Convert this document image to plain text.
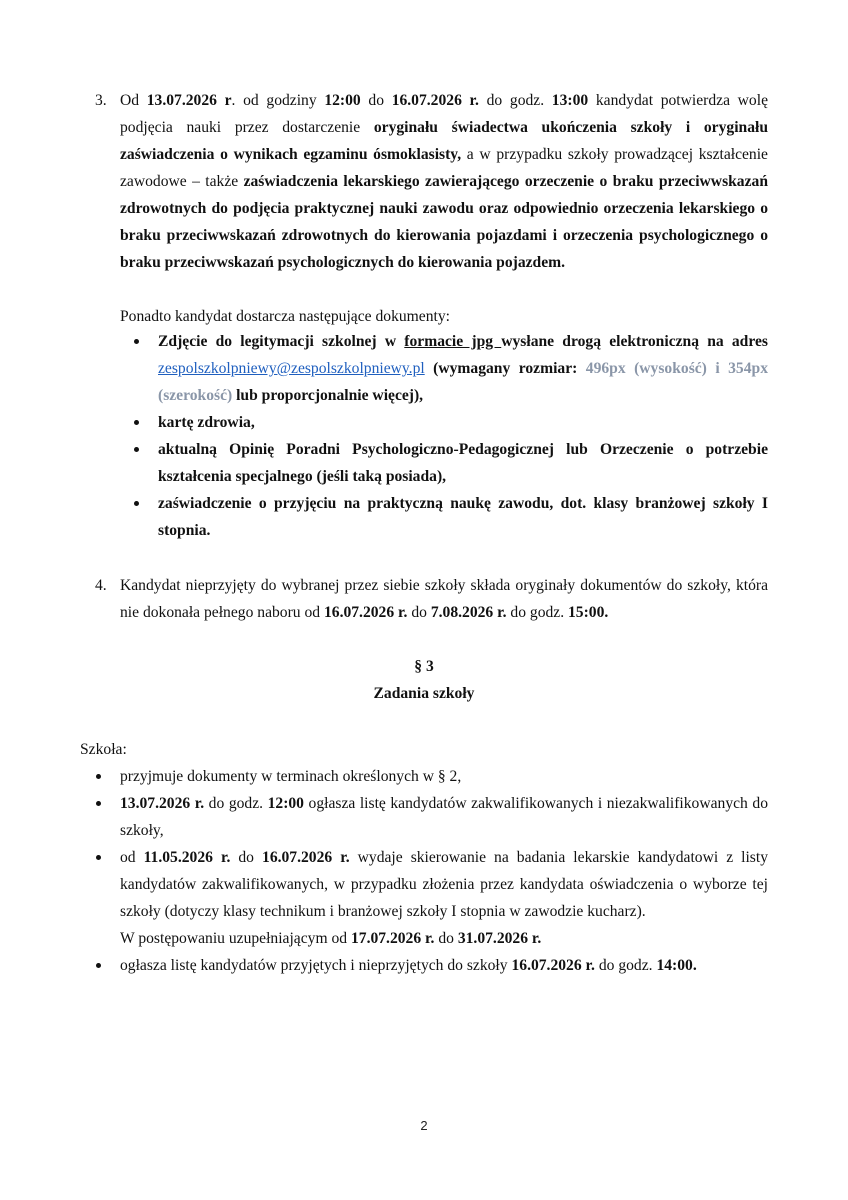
3. Od 13.07.2026 r. od godziny 12:00 do 16.07.2026 r. do godz. 13:00 kandydat potwierdza wolę podjęcia nauki przez dostarczenie oryginału świadectwa ukończenia szkoły i oryginału zaświadczenia o wynikach egzaminu ósmoklasisty, a w przypadku szkoły prowadzącej kształcenie zawodowe – także zaświadczenia lekarskiego zawierającego orzeczenie o braku przeciwwskazań zdrowotnych do podjęcia praktycznej nauki zawodu oraz odpowiednio orzeczenia lekarskiego o braku przeciwwskazań zdrowotnych do kierowania pojazdami i orzeczenia psychologicznego o braku przeciwwskazań psychologicznych do kierowania pojazdem.

Ponadto kandydat dostarcza następujące dokumenty:
Zdjęcie do legitymacji szkolnej w formacie jpg wysłane drogą elektroniczną na adres zespolszkolpniewy@zespolszkolpniewy.pl (wymagany rozmiar: 496px (wysokość) i 354px (szerokość) lub proporcjonalnie więcej),
kartę zdrowia,
aktualną Opinię Poradni Psychologiczno-Pedagogicznej lub Orzeczenie o potrzebie kształcenia specjalnego (jeśli taką posiada),
zaświadczenie o przyjęciu na praktyczną naukę zawodu, dot. klasy branżowej szkoły I stopnia.
4. Kandydat nieprzyjęty do wybranej przez siebie szkoły składa oryginały dokumentów do szkoły, która nie dokonała pełnego naboru od 16.07.2026 r. do 7.08.2026 r. do godz. 15:00.

§ 3
Zadania szkoły
Szkoła:
przyjmuje dokumenty w terminach określonych w § 2,
13.07.2026 r. do godz. 12:00 ogłasza listę kandydatów zakwalifikowanych i niezakwalifikowanych do szkoły,
od 11.05.2026 r. do 16.07.2026 r. wydaje skierowanie na badania lekarskie kandydatowi z listy kandydatów zakwalifikowanych, w przypadku złożenia przez kandydata oświadczenia o wyborze tej szkoły (dotyczy klasy technikum i branżowej szkoły I stopnia w zawodzie kucharz).
W postępowaniu uzupełniającym od 17.07.2026 r. do 31.07.2026 r.
ogłasza listę kandydatów przyjętych i nieprzyjętych do szkoły 16.07.2026 r. do godz. 14:00.
2
